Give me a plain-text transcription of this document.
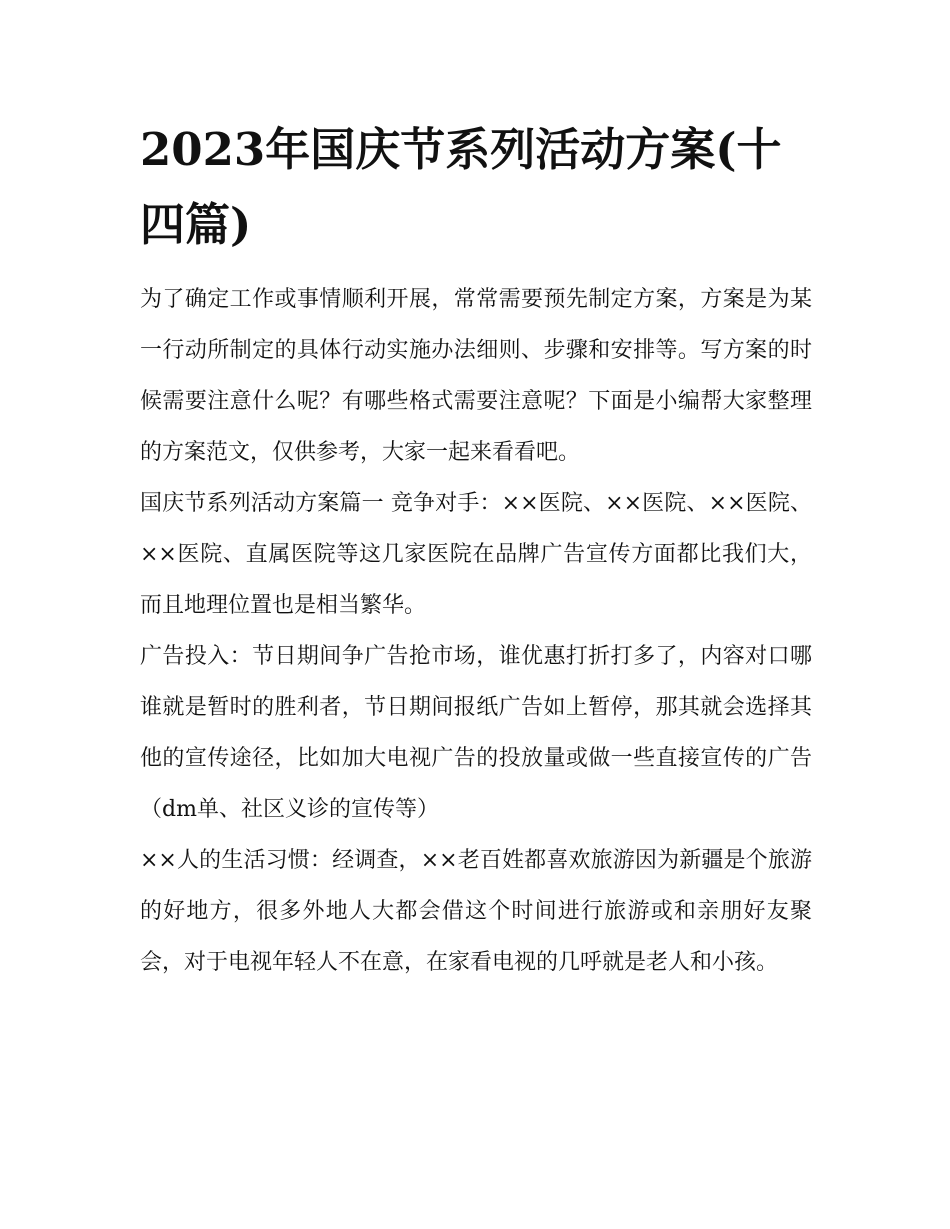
2023年国庆节系列活动方案(十四篇)

为了确定工作或事情顺利开展，常常需要预先制定方案，方案是为某一行动所制定的具体行动实施办法细则、步骤和安排等。写方案的时候需要注意什么呢？有哪些格式需要注意呢？下面是小编帮大家整理的方案范文，仅供参考，大家一起来看看吧。

国庆节系列活动方案篇一 竞争对手：××医院、××医院、××医院、××医院、直属医院等这几家医院在品牌广告宣传方面都比我们大，而且地理位置也是相当繁华。

广告投入：节日期间争广告抢市场，谁优惠打折打多了，内容对口哪谁就是暂时的胜利者，节日期间报纸广告如上暂停，那其就会选择其他的宣传途径，比如加大电视广告的投放量或做一些直接宣传的广告（dm单、社区义诊的宣传等）

××人的生活习惯：经调查，××老百姓都喜欢旅游因为新疆是个旅游的好地方，很多外地人大都会借这个时间进行旅游或和亲朋好友聚会，对于电视年轻人不在意，在家看电视的几呼就是老人和小孩。
